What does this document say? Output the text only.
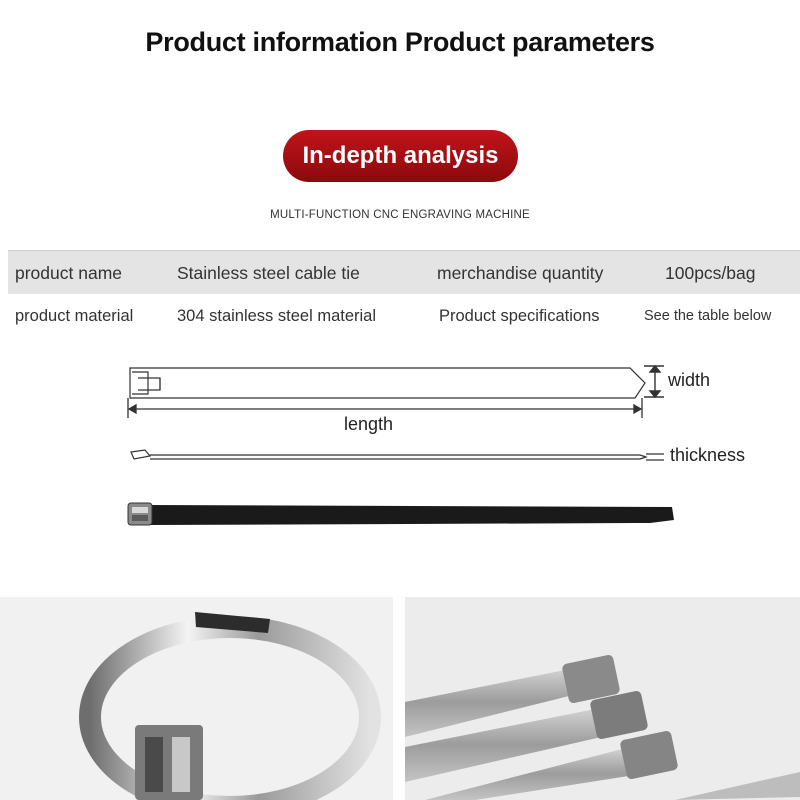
Product information Product parameters
In-depth analysis
MULTI-FUNCTION CNC ENGRAVING MACHINE
product name	Stainless steel cable tie	merchandise quantity	100pcs/bag
product material	304 stainless steel material	Product specifications	See the table below
width
length
thickness
